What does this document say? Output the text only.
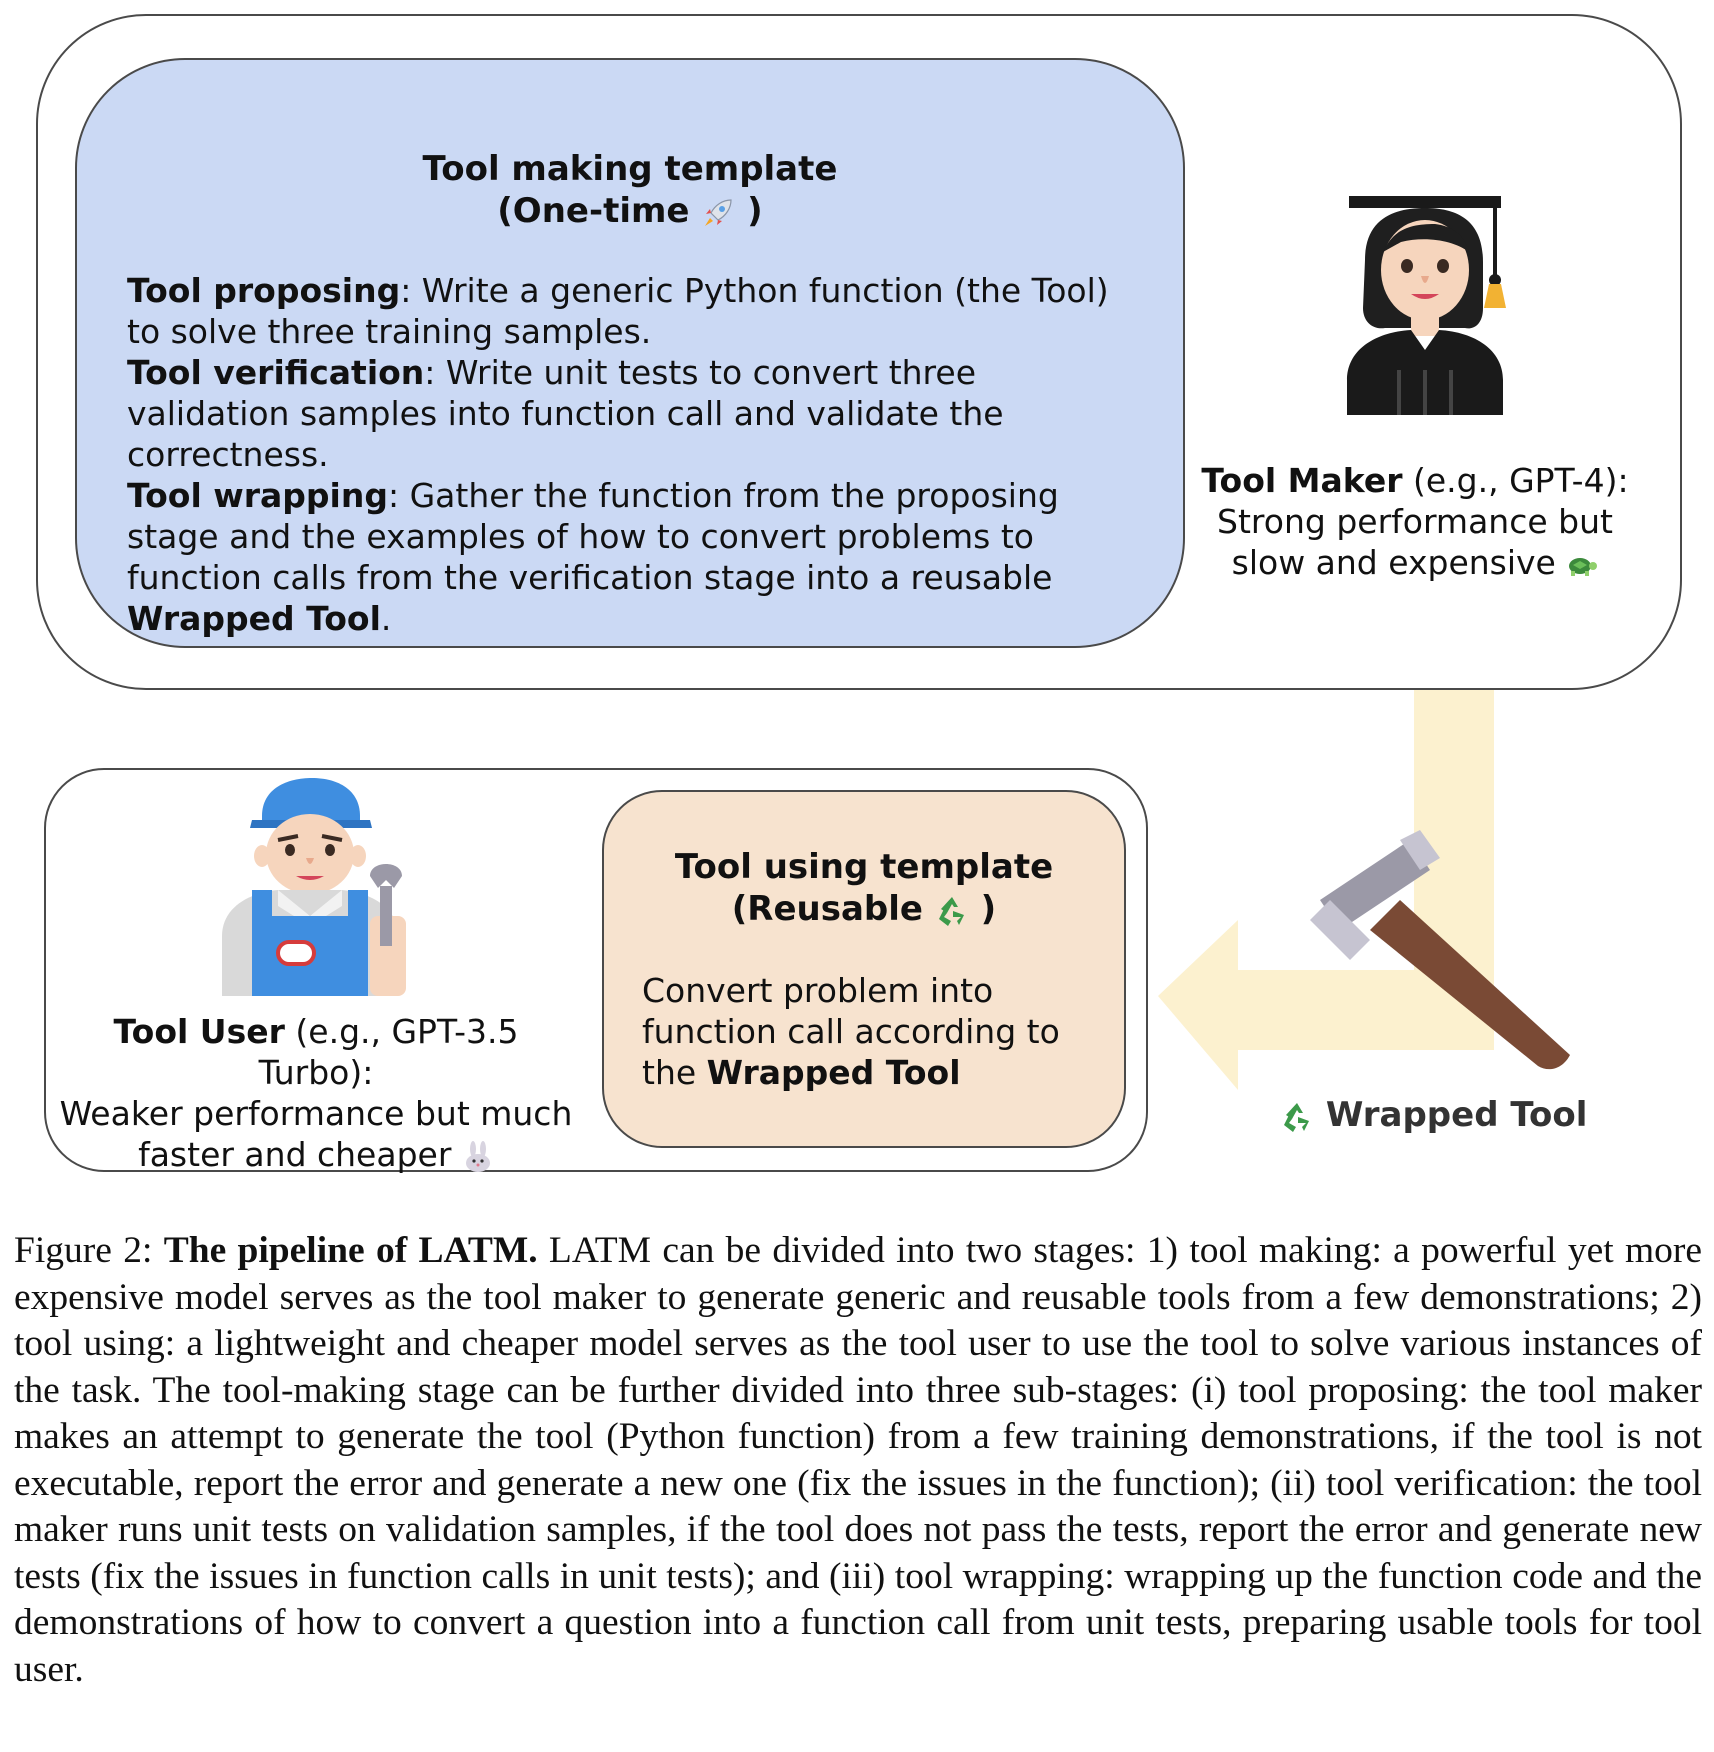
Tool making template
(One-time )

Tool proposing: Write a generic Python function (the Tool) to solve three training samples.

Tool verification: Write unit tests to convert three validation samples into function call and validate the correctness.

Tool wrapping: Gather the function from the proposing stage and the examples of how to convert problems to function calls from the verification stage into a reusable Wrapped Tool.

Tool Maker (e.g., GPT-4):
Strong performance but
slow and expensive
Wrapped Tool
Tool User (e.g., GPT-3.5 Turbo):
Weaker performance but much
faster and cheaper
Tool using template
(Reusable )
Convert problem into function call according to the Wrapped Tool
Figure 2: The pipeline of LATM. LATM can be divided into two stages: 1) tool making: a powerful yet more expensive model serves as the tool maker to generate generic and reusable tools from a few demonstrations; 2) tool using: a lightweight and cheaper model serves as the tool user to use the tool to solve various instances of the task. The tool-making stage can be further divided into three sub-stages: (i) tool proposing: the tool maker makes an attempt to generate the tool (Python function) from a few training demonstrations, if the tool is not executable, report the error and generate a new one (fix the issues in the function); (ii) tool verification: the tool maker runs unit tests on validation samples, if the tool does not pass the tests, report the error and generate new tests (fix the issues in function calls in unit tests); and (iii) tool wrapping: wrapping up the function code and the demonstrations of how to convert a question into a function call from unit tests, preparing usable tools for tool user.
